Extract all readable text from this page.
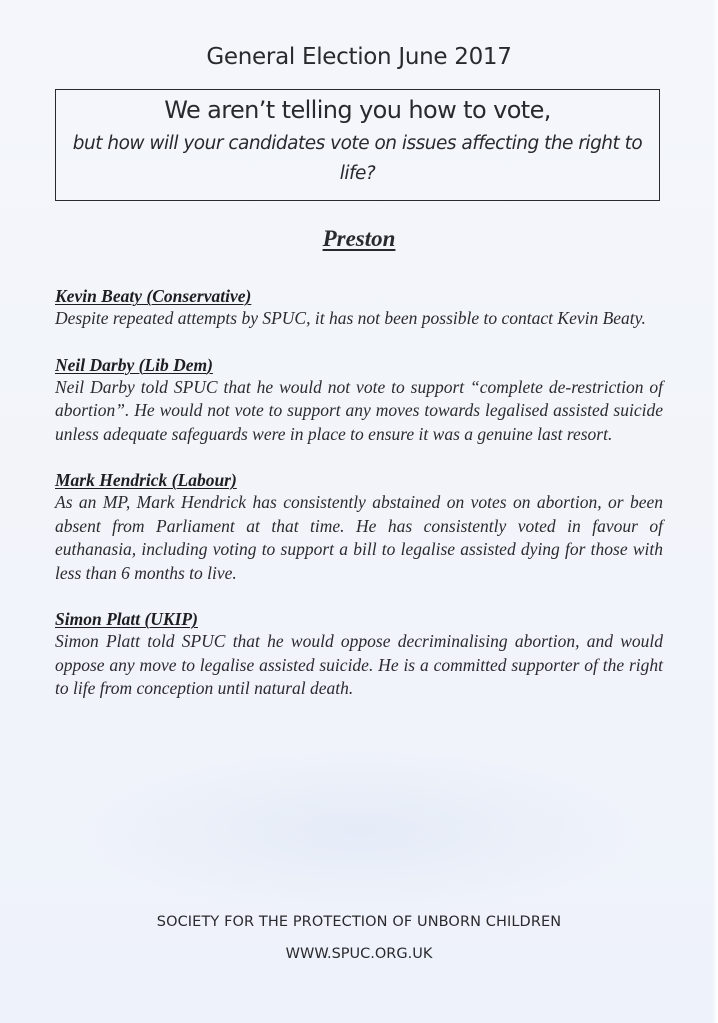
General Election June 2017
We aren’t telling you how to vote,
but how will your candidates vote on issues affecting the right to life?
Preston
Kevin Beaty (Conservative)
Despite repeated attempts by SPUC, it has not been possible to contact Kevin Beaty.
Neil Darby (Lib Dem)
Neil Darby told SPUC that he would not vote to support “complete de-restriction of abortion”. He would not vote to support any moves towards legalised assisted suicide unless adequate safeguards were in place to ensure it was a genuine last resort.
Mark Hendrick (Labour)
As an MP, Mark Hendrick has consistently abstained on votes on abortion, or been absent from Parliament at that time. He has consistently voted in favour of euthanasia, including voting to support a bill to legalise assisted dying for those with less than 6 months to live.
Simon Platt (UKIP)
Simon Platt told SPUC that he would oppose decriminalising abortion, and would oppose any move to legalise assisted suicide. He is a committed supporter of the right to life from conception until natural death.
SOCIETY FOR THE PROTECTION OF UNBORN CHILDREN
WWW.SPUC.ORG.UK
